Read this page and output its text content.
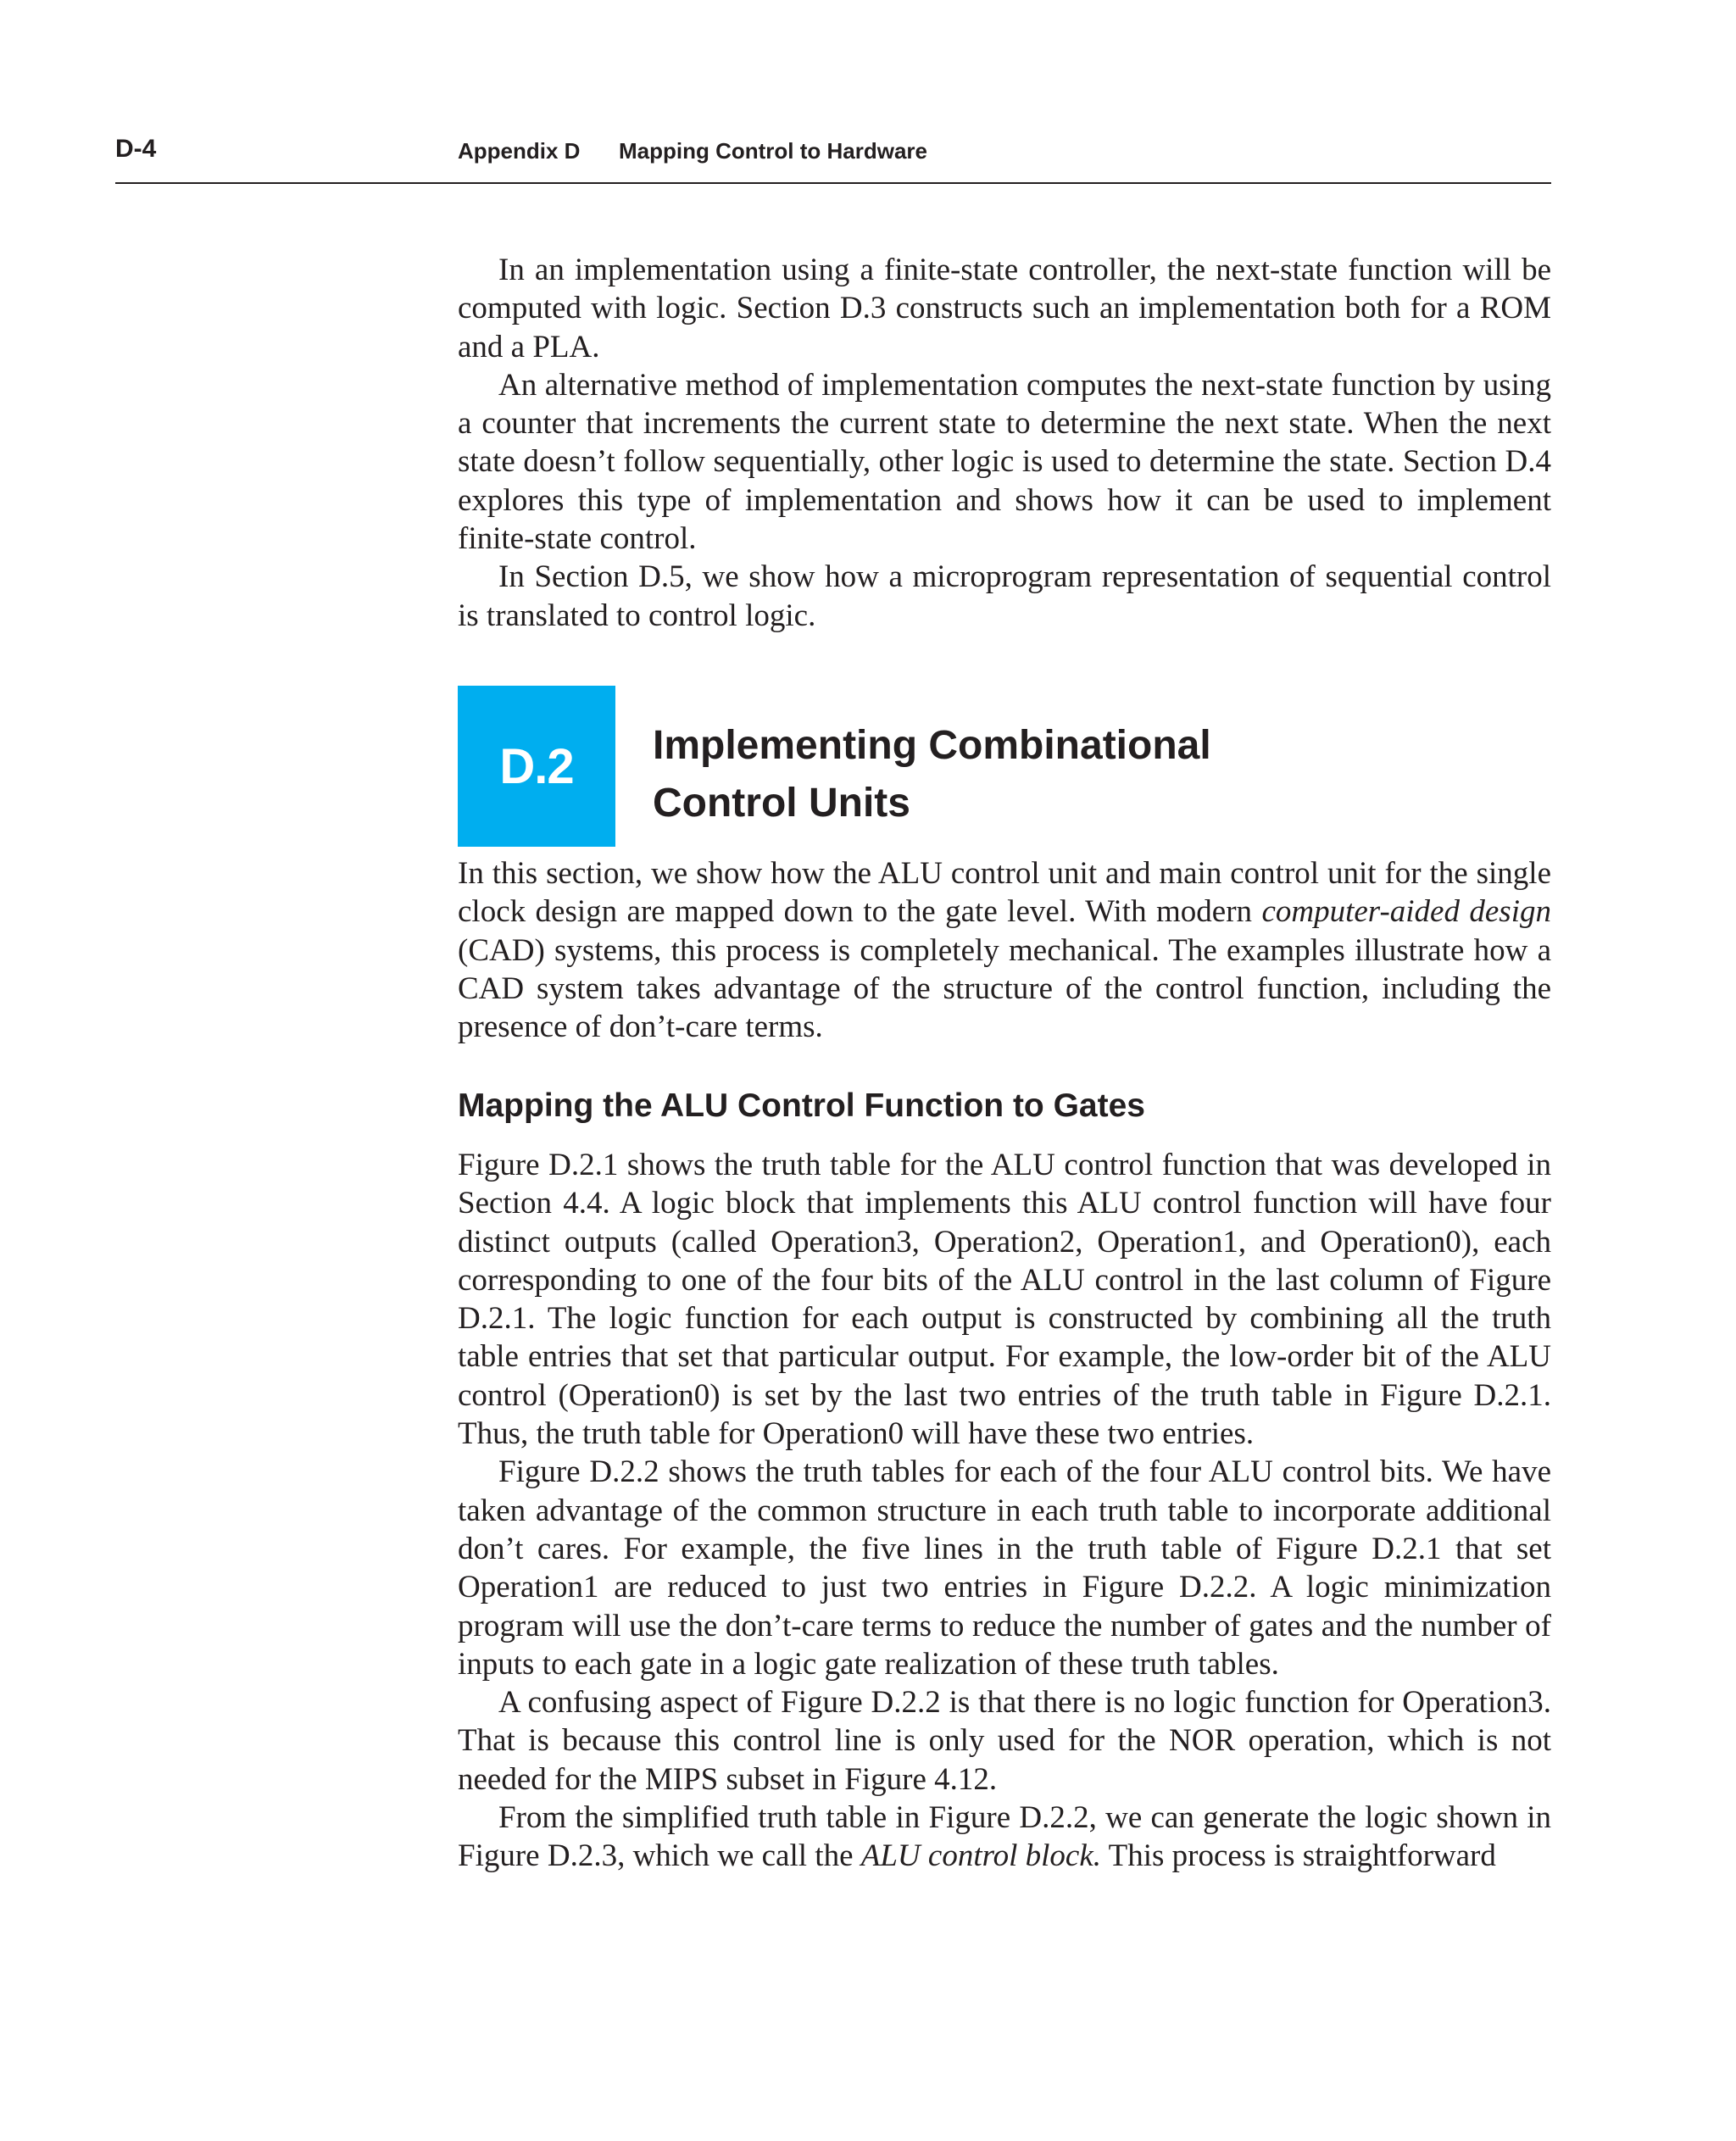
D-4	Appendix D Mapping Control to Hardware

In an implementation using a finite-state controller, the next-state function will be computed with logic. Section D.3 constructs such an implementation both for a ROM and a PLA.

An alternative method of implementation computes the next-state function by using a counter that increments the current state to determine the next state. When the next state doesn’t follow sequentially, other logic is used to determine the state. Section D.4 explores this type of implementation and shows how it can be used to implement finite-state control.

In Section D.5, we show how a microprogram representation of sequential control is translated to control logic.

D.2	Implementing Combinational
Control Units

In this section, we show how the ALU control unit and main control unit for the single clock design are mapped down to the gate level. With modern computer-aided design (CAD) systems, this process is completely mechanical. The examples illustrate how a CAD system takes advantage of the structure of the control function, including the presence of don’t-care terms.

Mapping the ALU Control Function to Gates

Figure D.2.1 shows the truth table for the ALU control function that was developed in Section 4.4. A logic block that implements this ALU control function will have four distinct outputs (called Operation3, Operation2, Operation1, and Operation0), each corresponding to one of the four bits of the ALU control in the last column of Figure D.2.1. The logic function for each output is constructed by combining all the truth table entries that set that particular output. For example, the low-order bit of the ALU control (Operation0) is set by the last two entries of the truth table in Figure D.2.1. Thus, the truth table for Operation0 will have these two entries.

Figure D.2.2 shows the truth tables for each of the four ALU control bits. We have taken advantage of the common structure in each truth table to incorporate additional don’t cares. For example, the five lines in the truth table of Figure D.2.1 that set Operation1 are reduced to just two entries in Figure D.2.2. A logic minimization program will use the don’t-care terms to reduce the number of gates and the number of inputs to each gate in a logic gate realization of these truth tables.

A confusing aspect of Figure D.2.2 is that there is no logic function for Operation3. That is because this control line is only used for the NOR operation, which is not needed for the MIPS subset in Figure 4.12.

From the simplified truth table in Figure D.2.2, we can generate the logic shown in Figure D.2.3, which we call the ALU control block. This process is straightforward
